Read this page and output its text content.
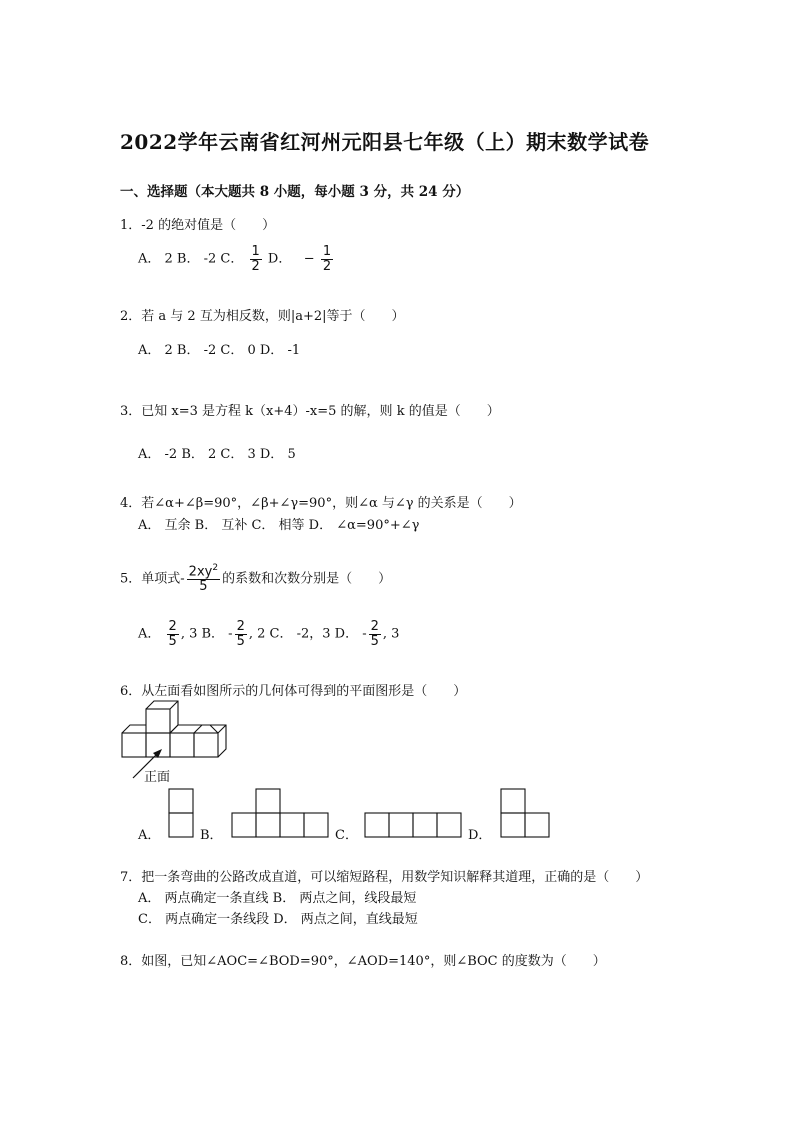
2022学年云南省红河州元阳县七年级（上）期末数学试卷
一、选择题（本大题共 8 小题，每小题 3 分，共 24 分）
1．-2 的绝对值是（　　）
A． 2 B． -2 C． $\frac{1}{2}$ D． − $\frac{1}{2}$
2．若 a 与 2 互为相反数，则|a+2|等于（　　）
A． 2 B． -2 C． 0 D． -1
3．已知 x=3 是方程 k（x+4）-x=5 的解，则 k 的值是（　　）
A． -2 B． 2 C． 3 D． 5
4．若∠α+∠β=90°，∠β+∠γ=90°，则∠α 与∠γ 的关系是（　　）
A． 互余 B． 互补 C． 相等 D． ∠α=90°+∠γ
5．单项式- $\frac{2xy^2}{5}$ 的系数和次数分别是（　　）
A． $\frac{2}{5}$ , 3 B． - $\frac{2}{5}$ , 2 C． -2，3 D． - $\frac{2}{5}$ , 3
6．从左面看如图所示的几何体可得到的平面图形是（　　）
正面
A．	B．	C．	D．
7．把一条弯曲的公路改成直道，可以缩短路程，用数学知识解释其道理，正确的是（　　）
A． 两点确定一条直线 B． 两点之间，线段最短
C． 两点确定一条线段 D． 两点之间，直线最短
8．如图，已知∠AOC=∠BOD=90°，∠AOD=140°，则∠BOC 的度数为（　　）
